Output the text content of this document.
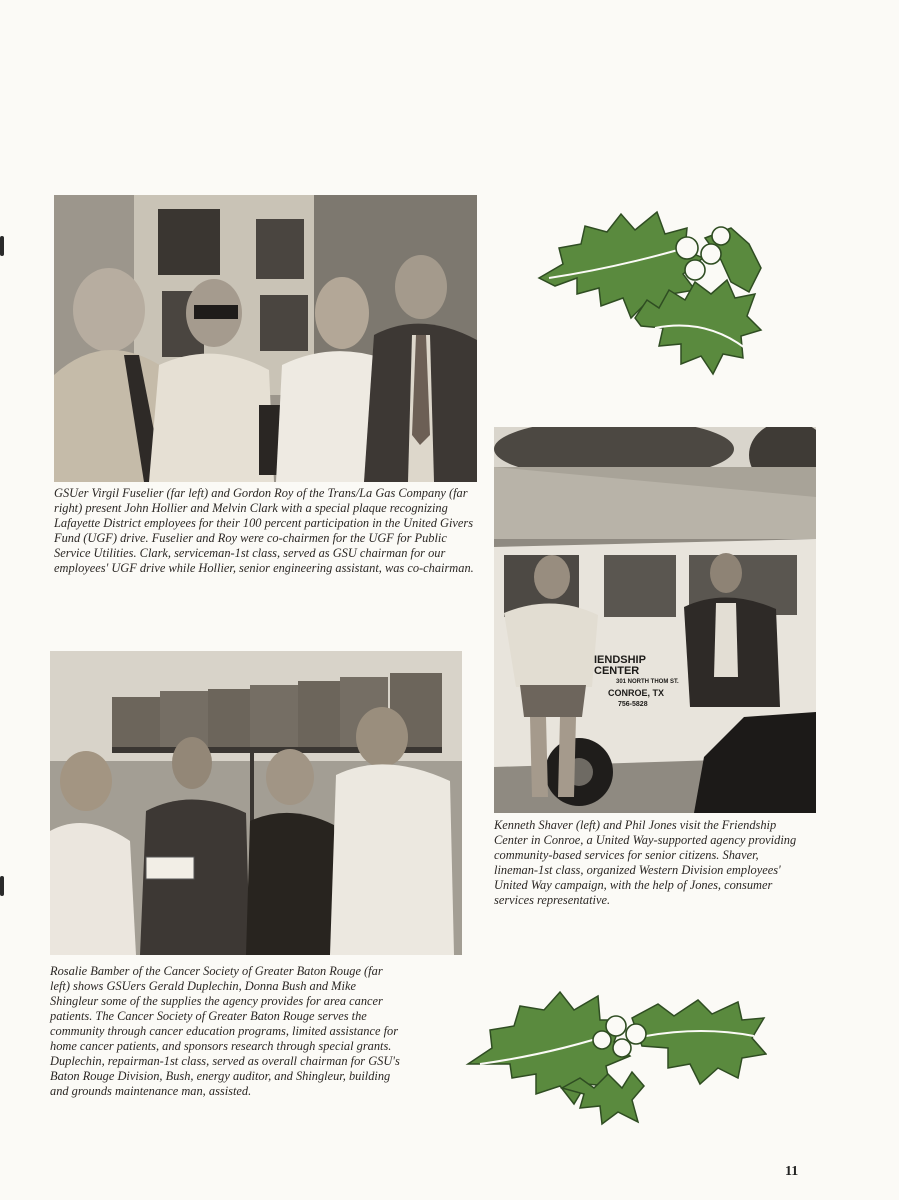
GSUer Virgil Fuselier (far left) and Gordon Roy of the Trans/La Gas Company (far right) present John Hollier and Melvin Clark with a special plaque recognizing Lafayette District employees for their 100 percent participation in the United Givers Fund (UGF) drive. Fuselier and Roy were co-chairmen for the UGF for Public Service Utilities. Clark, serviceman-1st class, served as GSU chairman for our employees' UGF drive while Hollier, senior engineering assistant, was co-chairman.

IENDSHIP CENTER
301 NORTH THOM ST.
CONROE, TX
756-5828

Kenneth Shaver (left) and Phil Jones visit the Friendship Center in Conroe, a United Way-supported agency providing community-based services for senior citizens. Shaver, lineman-1st class, organized Western Division employees' United Way campaign, with the help of Jones, consumer services representative.

Rosalie Bamber of the Cancer Society of Greater Baton Rouge (far left) shows GSUers Gerald Duplechin, Donna Bush and Mike Shingleur some of the supplies the agency provides for area cancer patients. The Cancer Society of Greater Baton Rouge serves the community through cancer education programs, limited assistance for home cancer patients, and sponsors research through special grants. Duplechin, repairman-1st class, served as overall chairman for GSU's Baton Rouge Division, Bush, energy auditor, and Shingleur, building and grounds maintenance man, assisted.

11
